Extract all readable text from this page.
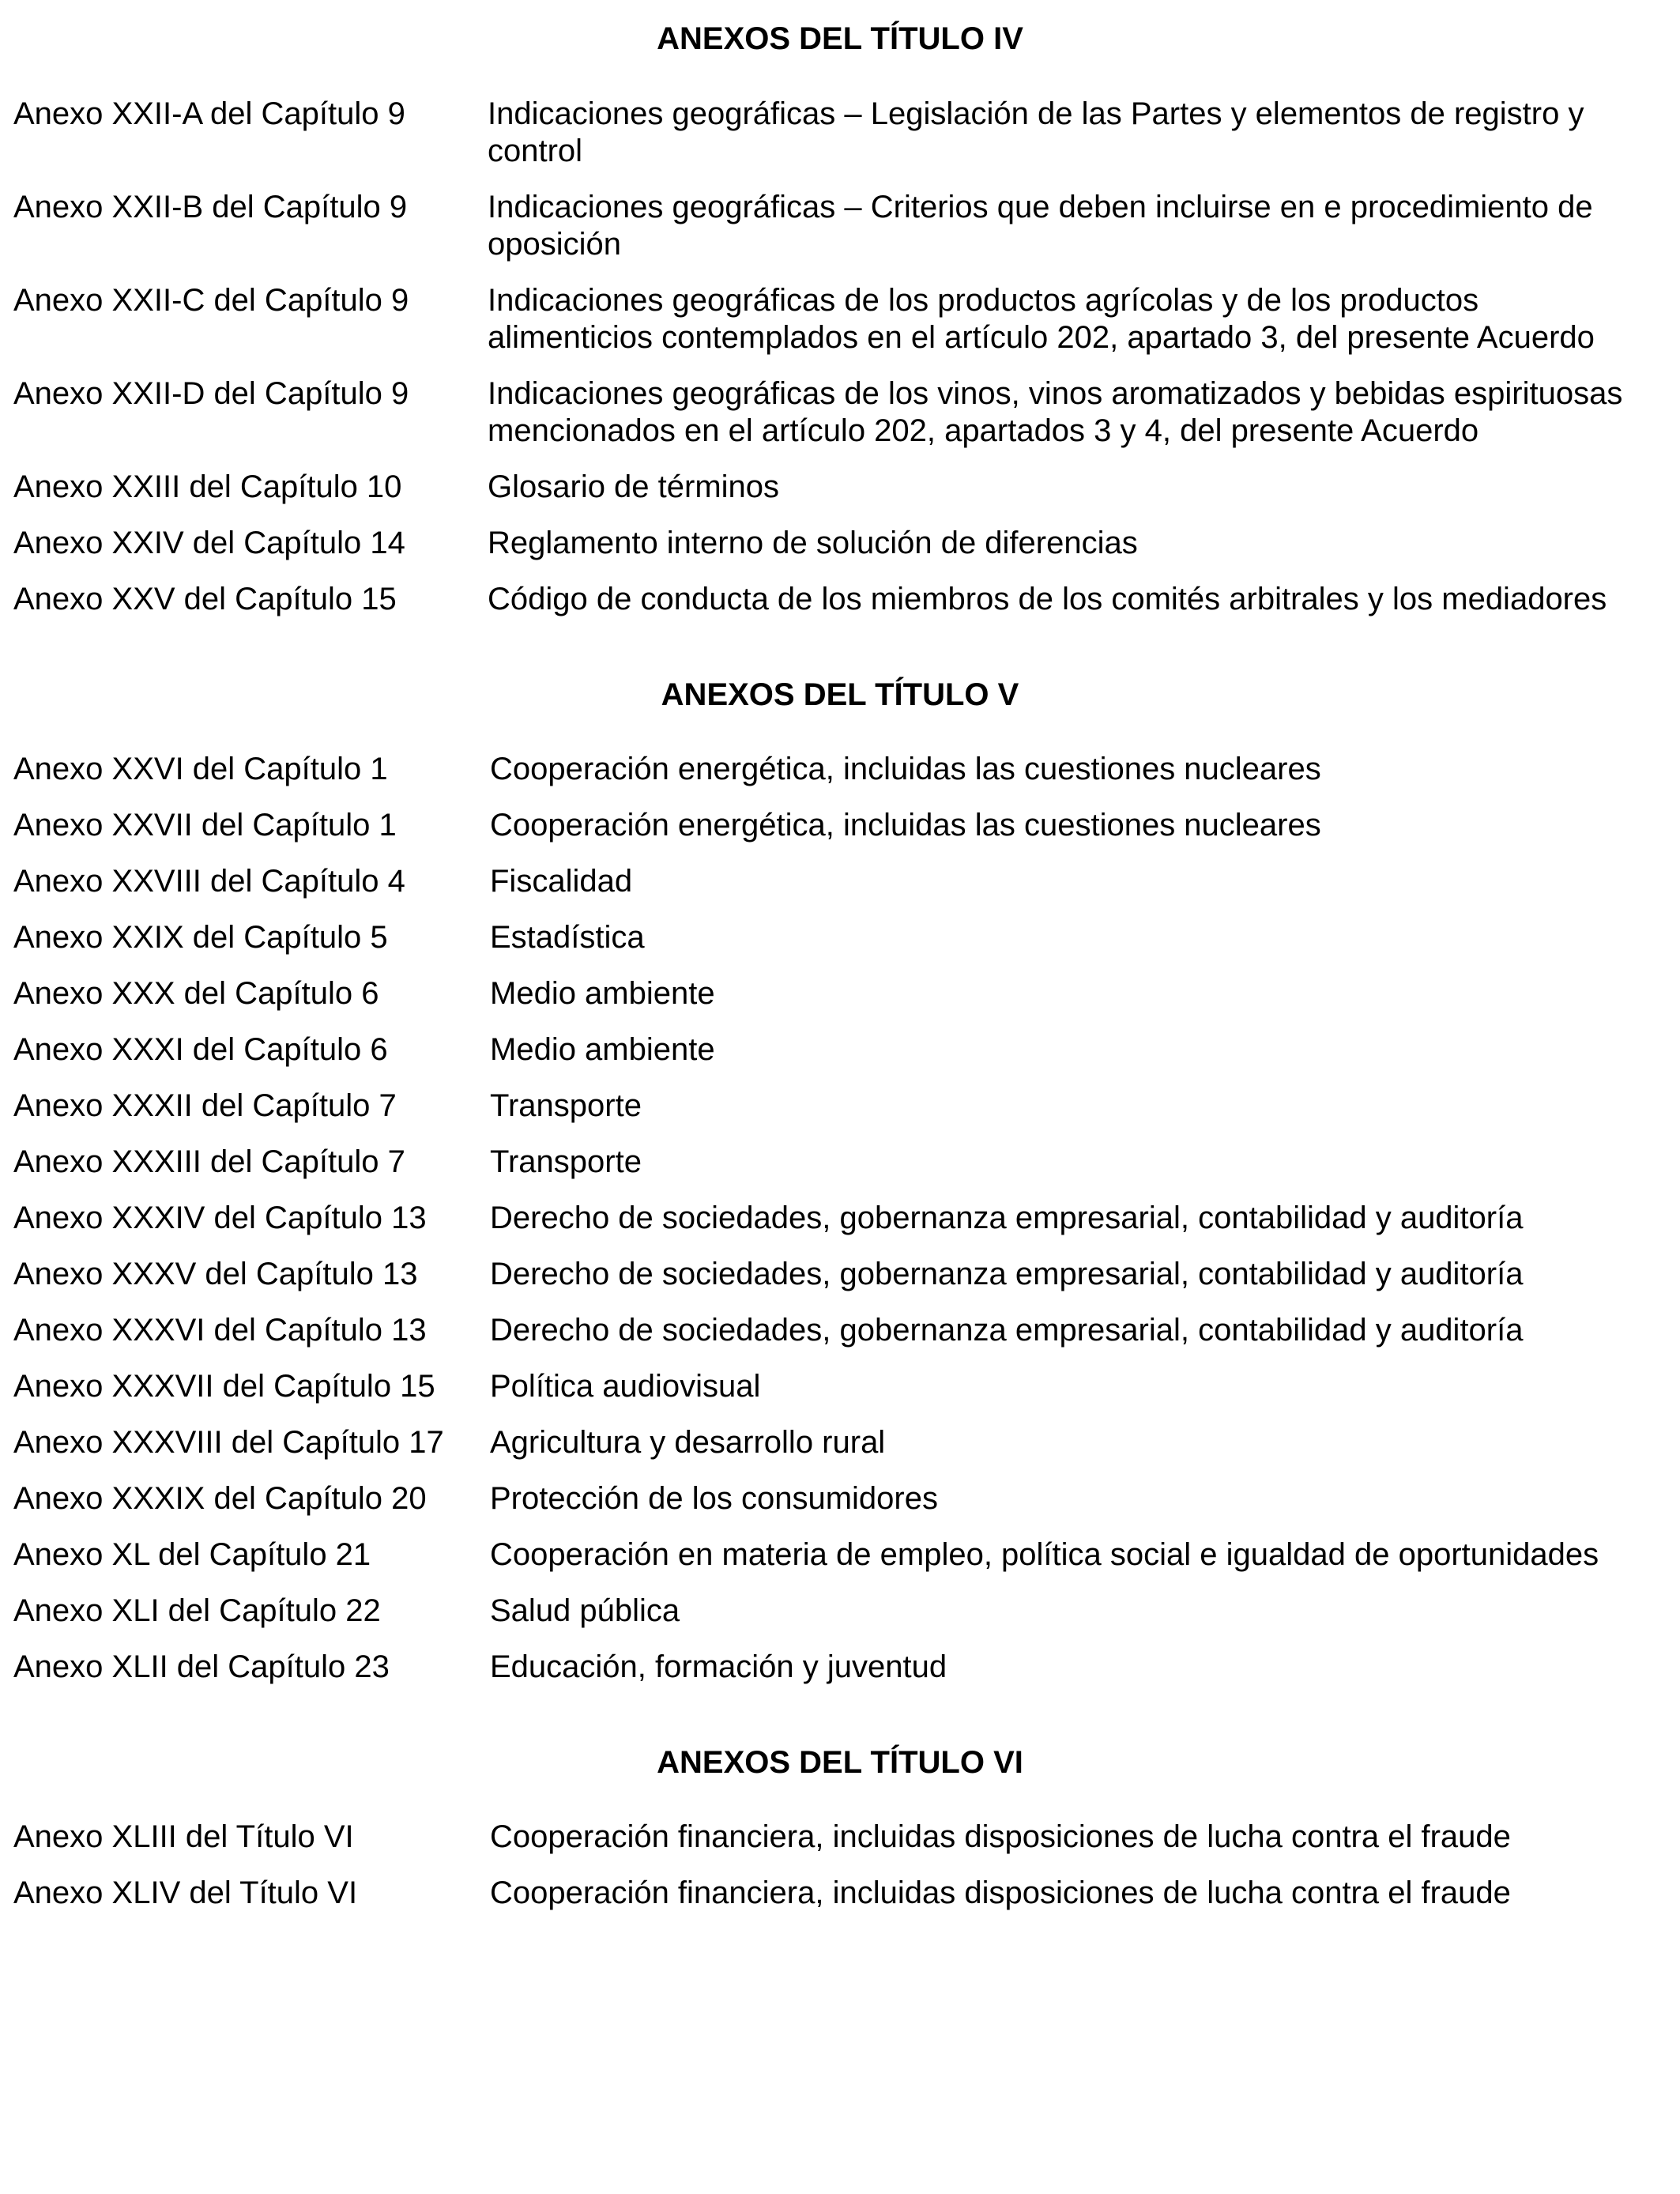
ANEXOS DEL TÍTULO IV
Anexo XXII-A del Capítulo 9	Indicaciones geográficas – Legislación de las Partes y elementos de registro y
control
Anexo XXII-B del Capítulo 9	Indicaciones geográficas – Criterios que deben incluirse en e procedimiento de
oposición
Anexo XXII-C del Capítulo 9 Indicaciones geográficas de los productos agrícolas y de los productos
alimenticios contemplados en el artículo 202, apartado 3, del presente Acuerdo
Anexo XXII-D del Capítulo 9 Indicaciones geográficas de los vinos, vinos aromatizados y bebidas espirituosas
mencionados en el artículo 202, apartados 3 y 4, del presente Acuerdo
Anexo XXIII del Capítulo 10	Glosario de términos
Anexo XXIV del Capítulo 14	Reglamento interno de solución de diferencias
Anexo XXV del Capítulo 15	Código de conducta de los miembros de los comités arbitrales y los mediadores
ANEXOS DEL TÍTULO V
Anexo XXVI del Capítulo 1	Cooperación energética, incluidas las cuestiones nucleares
Anexo XXVII del Capítulo 1	Cooperación energética, incluidas las cuestiones nucleares
Anexo XXVIII del Capítulo 4	Fiscalidad
Anexo XXIX del Capítulo 5	Estadística
Anexo XXX del Capítulo 6	Medio ambiente
Anexo XXXI del Capítulo 6	Medio ambiente
Anexo XXXII del Capítulo 7	Transporte
Anexo XXXIII del Capítulo 7	Transporte
Anexo XXXIV del Capítulo 13 Derecho de sociedades, gobernanza empresarial, contabilidad y auditoría
Anexo XXXV del Capítulo 13 Derecho de sociedades, gobernanza empresarial, contabilidad y auditoría
Anexo XXXVI del Capítulo 13 Derecho de sociedades, gobernanza empresarial, contabilidad y auditoría
Anexo XXXVII del Capítulo 15 Política audiovisual
Anexo XXXVIII del Capítulo 17 Agricultura y desarrollo rural
Anexo XXXIX del Capítulo 20 Protección de los consumidores
Anexo XL del Capítulo 21	Cooperación en materia de empleo, política social e igualdad de oportunidades
Anexo XLI del Capítulo 22	Salud pública
Anexo XLII del Capítulo 23	Educación, formación y juventud
ANEXOS DEL TÍTULO VI
Anexo XLIII del Título VI	Cooperación financiera, incluidas disposiciones de lucha contra el fraude
Anexo XLIV del Título VI	Cooperación financiera, incluidas disposiciones de lucha contra el fraude
